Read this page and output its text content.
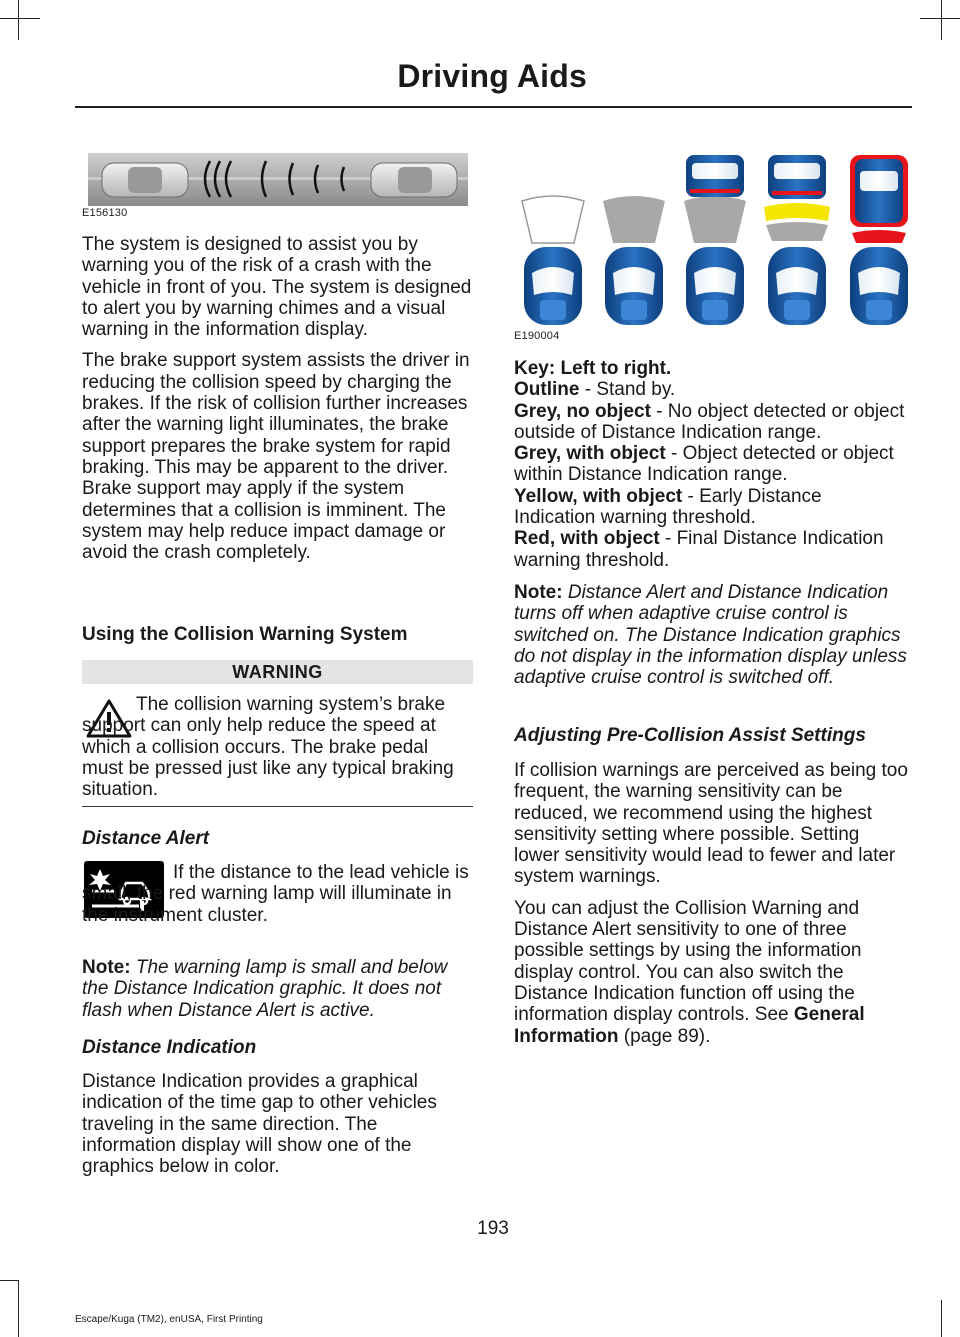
Driving Aids
E156130

The system is designed to assist you by warning you of the risk of a crash with the vehicle in front of you. The system is designed to alert you by warning chimes and a visual warning in the information display.

The brake support system assists the driver in reducing the collision speed by charging the brakes. If the risk of collision further increases after the warning light illuminates, the brake support prepares the brake system for rapid braking. This may be apparent to the driver. Brake support may apply if the system determines that a collision is imminent. The system may help reduce impact damage or avoid the crash completely.

Using the Collision Warning System
WARNING
The collision warning system’s brake support can only help reduce the speed at which a collision occurs. The brake pedal must be pressed just like any typical braking situation.
Distance Alert
If the distance to the lead vehicle is small, the red warning lamp will illuminate in the instrument cluster.
Note: The warning lamp is small and below the Distance Indication graphic. It does not flash when Distance Alert is active.
Distance Indication
Distance Indication provides a graphical indication of the time gap to other vehicles traveling in the same direction. The information display will show one of the graphics below in color.
E190004

Key: Left to right.

Outline - Stand by.

Grey, no object - No object detected or object outside of Distance Indication range.

Grey, with object - Object detected or object within Distance Indication range.

Yellow, with object - Early Distance Indication warning threshold.

Red, with object - Final Distance Indication warning threshold.

Note: Distance Alert and Distance Indication turns off when adaptive cruise control is switched on. The Distance Indication graphics do not display in the information display unless adaptive cruise control is switched off.
Adjusting Pre-Collision Assist Settings

If collision warnings are perceived as being too frequent, the warning sensitivity can be reduced, we recommend using the highest sensitivity setting where possible. Setting lower sensitivity would lead to fewer and later system warnings.

You can adjust the Collision Warning and Distance Alert sensitivity to one of three possible settings by using the information display control. You can also switch the Distance Indication function off using the information display controls. See General Information (page 89).

193
Escape/Kuga (TM2), enUSA, First Printing
